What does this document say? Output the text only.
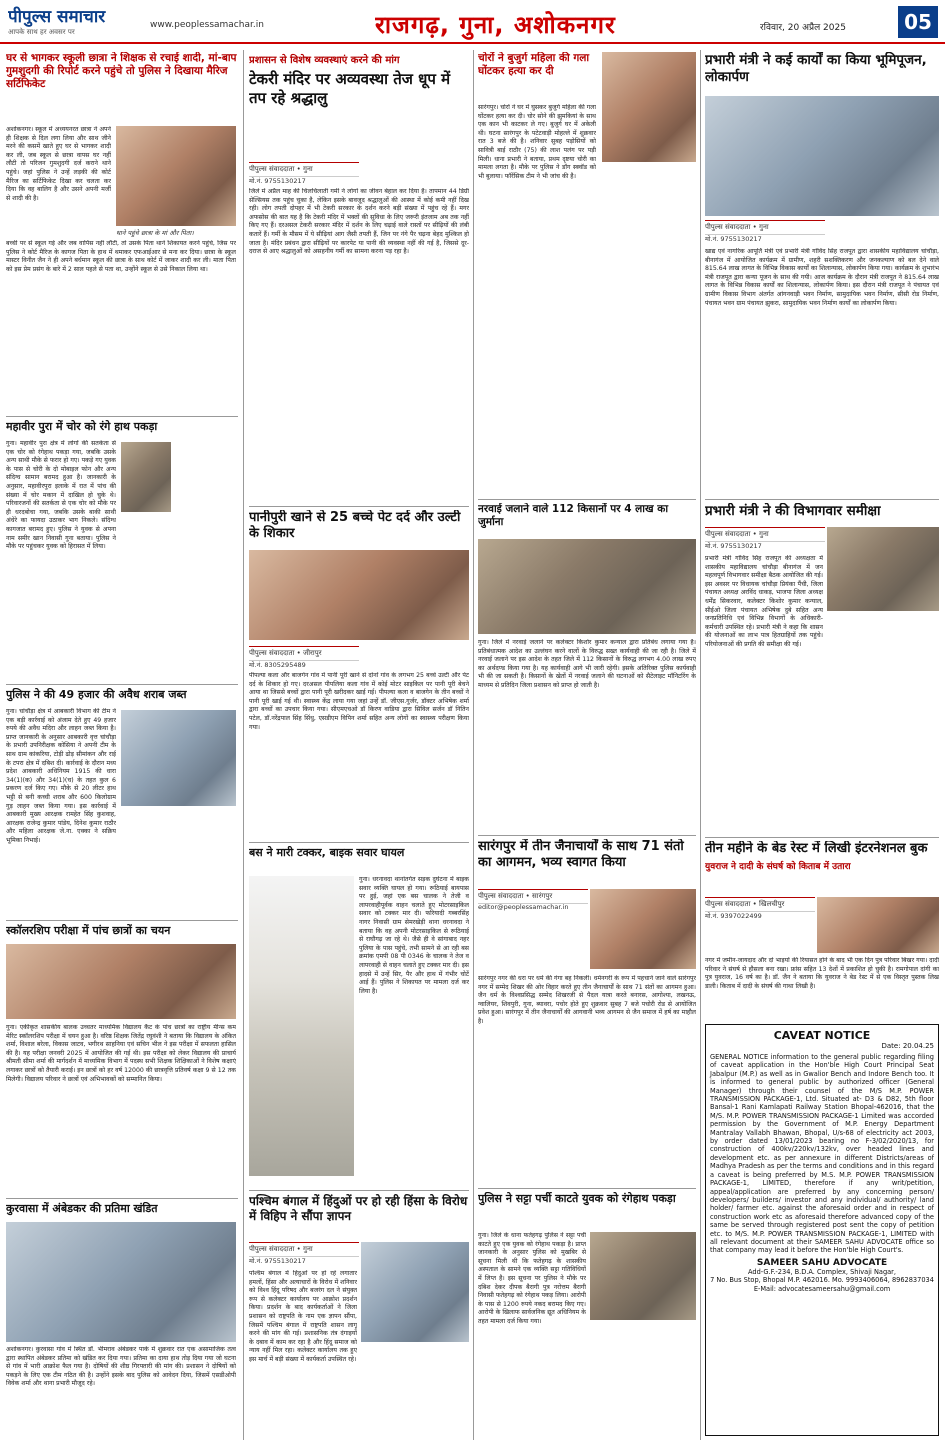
पीपुल्स समाचार
आपके साथ हर अवसर पर
www.peoplessamachar.in	राजगढ़, गुना, अशोकनगर	रविवार, 20 अप्रैल 2025	05
घर से भागकर स्कूली छात्रा ने शिक्षक से रचाई शादी, मां-बाप गुमशुदगी की रिपोर्ट करने पहुंचे तो पुलिस ने दिखाया मैरिज सर्टिफिकेट
अशोकनगर। स्कूल में अध्ययनरत छात्रा ने अपने ही शिक्षक से दिल लगा लिया और साथ जीने मरने की कसमें खाते हुए घर से भागकर शादी कर ली, जब स्कूल से छात्रा वापस घर नहीं लौटी तो परिजन गुमशुदगी दर्ज कराने थाने पहुंचे। जहां पुलिस ने उन्हें लड़की की कोर्ट मैरिज का सर्टिफिकेट दिखा कर चलता कर दिया कि वह बालिग है और उसने अपनी मर्जी से शादी की है।
थाने पहुंचे छात्रा के मां और पिता।
बच्ची पर से स्कूल गई और जब वापिस नहीं लौटी, तो उसके पिता थाने शिकायत करने पहुंचे, जिस पर पुलिस ने कोर्ट मैरिज के कागज पिता के हाथ में थमाकर एफआईआर से मना कर दिया। छात्रा के स्कूल मास्टर विनीत जैन ने ही अपने बर्धमान स्कूल की छात्रा के साथ कोर्ट में जाकर शादी कर ली। माता पिता को इस प्रेम प्रसंग के बारे में 2 साल पहले से पता था, उन्होंने स्कूल से उसे निकाल लिया था।
महावीर पुरा में चोर को रंगे हाथ पकड़ा
गुना। महावीर पुरा क्षेत्र में लोगों की सतर्कता से एक चोर को रंगेहाथ पकड़ा गया, जबकि उसके अन्य साथी मौके से फरार हो गए। पकड़े गए युवक के पास से चोरी के दो मोबाइल फोन और अन्य संदिग्ध सामान बरामद हुआ है। जानकारी के अनुसार, महावीरपुरा इलाके में रात में पांच की संख्या में चोर मकान में दाखिल हो चुके थे। परिवारजनों की सतर्कता से एक चोर को मौके पर ही धरदबोचा गया, जबकि उसके बाकी साथी अंधेरे का फायदा उठाकर भाग निकले। संदिग्ध कागजात बरामद हुए। पुलिस ने युवक से अपना नाम समीर खान निवासी गुना बताया। पुलिस ने मौके पर पहुंचकर युवक को हिरासत में लिया।
पुलिस ने की 49 हजार की अवैध शराब जब्त
गुना। चांचौड़ा क्षेत्र में आबकारी विभाग की टीम ने एक बड़ी कार्रवाई को अंजाम देते हुए 49 हजार रुपये की अवैध मदिरा और लाहन जब्त किया है। प्राप्त जानकारी के अनुसार आबकारी वृत्त चांचौड़ा के प्रभारी उपनिरीक्षक कोसिया ने अपनी टीम के साथ ग्राम कांकरिया, टोड़ी ढोड़ सीमांकन और राई के टपरा क्षेत्र में दबिश दी। कार्रवाई के दौरान मध्य प्रदेश आबकारी अधिनियम 1915 की धारा 34(1)(क) और 34(1)(च) के तहत कुल 6 प्रकरण दर्ज किए गए। मौके से 20 लीटर हाथ भट्टी से बनी कच्ची शराब और 600 किलोग्राम गुड़ लाहन जब्त किया गया। इस कार्रवाई में आबकारी मुख्य आरक्षक रामहेत सिंह कुशवाह, आरक्षक राजेन्द्र कुमार पांडेय, दिनेश कुमार राठौर और महिला आरक्षक जे.ना. एक्का ने सक्रिय भूमिका निभाई।
स्कॉलरशिप परीक्षा में पांच छात्रों का चयन
गुना। एकीकृत शासकीय बालक उच्चतर माध्यमिक विद्यालय कैंट के पांच छात्रों का राष्ट्रीय मीन्स कम मेरिट स्कॉलरशिप परीक्षा में चयन हुआ है। वरिष्ठ शिक्षक जितेंद्र रघुवंशी ने बताया कि विद्यालय के अंकित शर्मा, विशाल बरेला, विकास जाटव, भगीरथ साहनिया एवं सचिन भील ने इस परीक्षा में सफलता हासिल की है। यह परीक्षा जनवरी 2025 में आयोजित की गई थी। इस परीक्षा को लेकर विद्यालय की प्राचार्य श्रीमती सीमा शर्मा की मार्गदर्शन में माध्यमिक विभाग में पदस्थ सभी शिक्षक शिक्षिकाओं ने विशेष कक्षाएं लगाकर छात्रों को तैयारी कराई। इन छात्रों को हर वर्ष 12000 की छात्रवृत्ति प्रतिवर्ष कक्षा 9 से 12 तक मिलेगी। विद्यालय परिवार ने छात्रों एवं अभिभावकों को सम्मानित किया।
कुरवासा में अंबेडकर की प्रतिमा खंडित
अशोकनगर। कुरवासा गांव में स्थित डॉ. भीमराव अंबेडकर पार्क में शुक्रवार रात एक असामाजिक तत्व द्वारा स्थापित अंबेडकर प्रतिमा को खंडित कर दिया गया। प्रतिमा का दाया हाथ तोड़ दिया गया जो घटना से गांव में भारी आक्रोश फैल गया है। दोषियों की शीघ्र गिरफ्तारी की मांग की। प्रशासन ने दोषियों को पकड़ने के लिए एक टीम गठित की है। उन्होंने इसके बाद पुलिस को आवेदन दिया, जिसमें एसडीओपी विवेक शर्मा और थाना प्रभारी मौजूद रहे।
प्रशासन से विशेष व्यवस्थाएं करने की मांग
टेकरी मंदिर पर अव्यवस्था तेज धूप में तप रहे श्रद्धालु
पीपुल्स संवाददाता • गुना
मो.नं. 9755130217
जिले में अप्रैल माह की चिलचिलाती गर्मी ने लोगों का जीवन बेहाल कर दिया है। तापमान 44 डिग्री सेल्सियस तक पहुंच चुका है, लेकिन इसके बावजूद श्रद्धालुओं की आस्था में कोई कमी नहीं दिख रही। लोग तपती दोपहर में भी टेकरी सरकार के दर्शन करने बड़ी संख्या में पहुंच रहे हैं। मगर अफसोस की बात यह है कि टेकरी मंदिर में भक्तों की सुविधा के लिए जरूरी इंतजाम अब तक नहीं किए गए हैं। दरअसल टेकरी सरकार मंदिर में दर्शन के लिए चढ़ाई वाले रास्तों पर सीढ़ियों की लंबी कतारें हैं। गर्मी के मौसम में ये सीढ़ियां आग जैसी तपती हैं, जिन पर नंगे पैर चढ़ना बेहद मुश्किल हो जाता है। मंदिर प्रबंधन द्वारा सीढ़ियों पर कारपेट या पानी की व्यवस्था नहीं की गई है, जिससे दूर-दराज से आए श्रद्धालुओं को असहनीय गर्मी का सामना करना पड़ रहा है।
पानीपुरी खाने से 25 बच्चे पेट दर्द और उल्टी के शिकार
पीपुल्स संवाददाता • जीरापुर
मो.नं. 8305295489
पीपल्या कला और बाजगेन गांव में पानी पूरी खाने से दोनों गांव के लगभग 25 बच्चे उल्टी और पेट दर्द के शिकार हो गए। दरअसल पीपलिया कला गांव में कोई मोटर साइकिल पर पानी पूरी बेचने आया था जिससे बच्चों द्वारा पानी पूरी खरीदकर खाई गई। पीपल्या कला व बाजगेन के तीन बच्चों ने पानी पूरी खाई गई थी। स्वास्थ्य केंद्र लाया गया जहां उन्हें डॉ. जीएस.गुर्जर, डॉक्टर अभिषेक शर्मा द्वारा बच्चों का उपचार किया गया। सीएमएचओ डॉ किरण वाडिया द्वारा सिविल सर्जन डॉ नितिन पटेल, डॉ.नरेंद्रपाल सिंह सिंधु, एसडीएम विपिन शर्मा सहित अन्य लोगों का स्वास्थ्य परीक्षण किया गया।
बस ने मारी टक्कर, बाइक सवार घायल
गुना। धरनावदा थानांतर्गत सड़क दुर्घटना में बाइक सवार व्यक्ति घायल हो गया। रूठियाई बायपास पर हुई, जहां एक बस चालक ने तेजी व लापरवाहीपूर्वक वाहन चलाते हुए मोटरसाइकिल सवार को टक्कर मार दी। फरियादी गब्बरसिंह नागर निवासी ग्राम सेमरखेड़ी थाना धरनावदा ने बताया कि वह अपनी मोटरसाइकिल से रूठियाई से राघौगढ़ जा रहे थे। जैसे ही वे सांगाबाद नहर पुलिया के पास पहुंचे, तभी सामने से आ रही बस क्रमांक एमपी 08 पी 0346 के चालक ने तेज व लापरवाही से वाहन चलाते हुए टक्कर मार दी। इस हादसे में उन्हें सिर, पैर और हाथ में गंभीर चोटें आई हैं। पुलिस ने शिकायत पर मामला दर्ज कर लिया है।
पश्चिम बंगाल में हिंदुओं पर हो रही हिंसा के विरोध में विहिप ने सौंपा ज्ञापन
पीपुल्स संवाददाता • गुना
मो.नं. 9755130217
पश्चिम बंगाल में हिंदुओं पर हो रहे लगातार हमलों, हिंसा और अत्याचारों के विरोध में शनिवार को विश्व हिंदू परिषद और बजरंग दल ने संयुक्त रूप से कलेक्टर कार्यालय पर आक्रोश प्रदर्शन किया। प्रदर्शन के बाद कार्यकर्ताओं ने जिला प्रशासन को राष्ट्रपति के नाम एक ज्ञापन सौंपा, जिसमें पश्चिम बंगाल में राष्ट्रपति शासन लागू करने की मांग की गई। प्रशासनिक तंत्र दंगाइयों के दबाव में काम कर रहा है और हिंदू समाज को न्याय नहीं मिल रहा। कलेक्टर कार्यालय तक हुए इस मार्च में बड़ी संख्या में कार्यकर्ता उपस्थित रहे।
चोरों ने बुजुर्ग महिला की गला घोंटकर हत्या कर दी
सारंगपुर। चोरों ने घर में घुसकर बुजुर्ग महिला की गला घोंटकर हत्या कर दी। चोर सोने की झुमकियां के साथ एक कान भी काटकर ले गए। बुजुर्ग घर में अकेली थी। घटना सारंगपुर के पटेटवाड़ी मोहल्ले में शुक्रवार रात 3 बजे की है। शनिवार सुबह पड़ोसियों को सावित्री बाई राठौर (75) की लाश पलंग पर पड़ी मिली। धाना प्रभारी ने बताया, प्रथम दृष्टया चोरी का मामला लगता है। मौके पर पुलिस ने डॉग स्क्वॉड को भी बुलाया। फॉरेंसिक टीम ने भी जांच की है।
नरवाई जलाने वाले 112 किसानों पर 4 लाख का जुर्माना
गुना। जिले में नरवाई जलाने पर कलेक्टर किशोर कुमार कन्याल द्वारा प्रतिबंध लगाया गया है। प्रतिबंधात्मक आदेश का उल्लंघन करने वालों के विरुद्ध सख्त कार्यवाही की जा रही है। जिले में नरवाई जलाने पर इस आदेश के तहत जिले में 112 किसानों के विरुद्ध लगभग 4.00 लाख रुपए का अर्थदण्ड किया गया है। यह कार्यवाही आगे भी जारी रहेगी। इसके अतिरिक्त पुलिस कार्यवाही भी की जा सकती है। किसानों के खेतों में नरवाई जलाने की घटनाओं को सैटेलाइट मॉनिटरिंग के माध्यम से प्रतिदिन जिला प्रशासन को प्राप्त हो जाती है।
सारंगपुर में तीन जैनाचार्यों के साथ 71 संतो का आगमन, भव्य स्वागत किया
पीपुल्स संवाददाता • सारंगपुर
editor@peoplessamachar.in
सारंगपुर नगर की धरा पर धर्म की गंगा बह निकली। धर्मनगरी के रूप में पहचाने जाने वाले सारंगपुर नगर में सम्मेद शिखर की ओर विहार करते हुए तीन जैनाचार्यों के साथ 71 संतों का आगमन हुआ। जैन धर्म के विश्वप्रसिद्ध सम्मेद शिखरजी से पैदल यात्रा करते बनारस, आगोश्या, लखनऊ, ग्वालियर, शिवपुरी, गुना, ब्यावरा, पचोर होते हुए शुक्रवार सुबह 7 बजे पचोरी रोड से आयोजित प्रवेश हुआ। सारंगपुर में तीन जैनाचार्यों की आगवानी भव्य आगमन से जैन समाज में हर्ष का माहौल है।
पुलिस ने सट्टा पर्ची काटते युवक को रंगेहाथ पकड़ा
गुना। जिले के धाना फतेहगढ़ पुलिस ने सट्टा पर्ची काटते हुए एक युवक को रंगेहाथ पकड़ा है। प्राप्त जानकारी के अनुसार पुलिस को मुखबिर से सूचना मिली थी कि फतेहगढ़ के शासकीय अस्पताल के सामने एक व्यक्ति सट्टा गतिविधियों में लिप्त है। इस सूचना पर पुलिस ने मौके पर दबिश देकर दीपक बैरागी पुत्र नरोत्तम बैरागी निवासी फतेहगढ़ को रंगेहाथ पकड़ लिया। आरोपी के पास से 1200 रुपये नकद बरामद किए गए। आरोपी के खिलाफ सार्वजनिक द्यूत अधिनियम के तहत मामला दर्ज किया गया।
प्रभारी मंत्री ने कई कार्यों का किया भूमिपूजन, लोकार्पण
पीपुल्स संवाददाता • गुना
मो.नं. 9755130217
खाद्य एवं नागरिक आपूर्ति मंत्री एवं प्रभारी मंत्री गोविंद सिंह राजपूत द्वारा शासकीय महाविद्यालय चांचौड़ा, बीनागंज में आयोजित कार्यक्रम में ग्रामीण, शहरी सशक्तिकरण और जनकल्याण को बल देने वाले 815.64 लाख लागत के विभिन्न विकास कार्यों का शिलान्यास, लोकार्पण किया गया। कार्यक्रम के शुभारंभ मंत्री राजपूत द्वारा कन्या पूजन के साथ की गयी। आज कार्यक्रम के दौरान मंत्री राजपूत ने 815.64 लाख लागत के विभिन्न विकास कार्यों का शिलान्यास, लोकार्पण किया। इस दौरान मंत्री राजपूत ने पंचायत एवं ग्रामीण विकास विभाग अंतर्गत आंगनवाड़ी भवन निर्माण, सामुदायिक भवन निर्माण, सीसी रोड निर्माण, पंचायत भवन ग्राम पंचायत झुकरा, सामुदायिक भवन निर्माण कार्यों का लोकार्पण किया।
प्रभारी मंत्री ने की विभागवार समीक्षा
पीपुल्स संवाददाता • गुना
मो.नं. 9755130217
प्रभारी मंत्री गोविंद सिंह राजपूत की अध्यक्षता में शासकीय महाविद्यालय चांचौड़ा बीनागंज में जन महत्वपूर्ण विभागवार समीक्षा बैठक आयोजित की गई। इस अवसर पर विधायक चांचौड़ा प्रियंका पैंची, जिला पंचायत अध्यक्ष अरविंद धाकड़, भाजपा जिला अध्यक्ष धर्मेंद्र सिकरवार, कलेक्टर किशोर कुमार कन्याल, सीईओ जिला पंचायत अभिषेक दुबे सहित अन्य जनप्रतिनिधि एवं विभिन्न विभागों के अधिकारी-कर्मचारी उपस्थित रहे। प्रभारी मंत्री ने कहा कि शासन की योजनाओं का लाभ पात्र हितग्राहियों तक पहुंचे। परियोजनाओं की प्रगति की समीक्षा की गई।
तीन महीने के बेड रेस्ट में लिखी इंटरनेशनल बुक
युवराज ने दादी के संघर्ष को किताब में उतारा
पीपुल्स संवाददाता • खिलचीपुर
मो.नं. 9397022499
नगर में जमीन-जायदाद और दो भाइयों की रियासत होने के बाद भी एक दिन पुत्र परिवार बिखर गया। दादी परिवार ने संघर्ष से हौसला बना रखा। फ्रांस सहित 13 देशों में प्रकाशित हो चुकी है। रामगोपाल दांगी का पुत्र युवराज, 16 वर्ष का है। डॉ. जैन ने बताया कि युवराज ने बेड रेस्ट में से एक विस्तृत पुस्तक लिख डाली। किताब में दादी के संघर्ष की गाथा लिखी है।
CAVEAT NOTICE
Date: 20.04.25
GENERAL NOTICE information to the general public regarding filing of caveat application in the Hon'ble High Court Principal Seat Jabalpur (M.P.) as well as in Gwalior Bench and Indore Bench too. It is informed to general public by authorized officer (General Manager) through their counsel of the M/S M.P. POWER TRANSMISSION PACKAGE-1, Ltd. Situated at- D3 & D82, 5th floor Bansal-1 Rani Kamlapati Railway Station Bhopal-462016, that the M/S. M.P. POWER TRANSMISSION PACKAGE-1 Limited was accorded permission by the Government of M.P. Energy Department Mantralay Vallabh Bhawan, Bhopal, U/s-68 of electricity act 2003, by order dated 13/01/2023 bearing no F-3/02/2020/13, for construction of 400kv/220kv/132kv, over headed lines and development etc. as per annexure in different Districts/areas of Madhya Pradesh as per the terms and conditions and in this regard a caveat is being preferred by M.S. M.P. POWER TRANSMISSION PACKAGE-1, LIMITED, therefore if any writ/petition, appeal/application are preferred by any concerning person/ developers/ builders/ investor and any individual/ authority/ land holder/ farmer etc. against the aforesaid order and in respect of construction work etc as aforesaid therefore advanced copy of the same be served through registered post sent the copy of petition etc. to M/S. M.P. POWER TRANSMISSION PACKAGE-1, LIMITED with all relevant document at their SAMEER SAHU ADVOCATE office so that company may lead it before the Hon'ble High Court's.
SAMEER SAHU ADVOCATE
Add-G.F.-234, B.D.A. Complex, Shivaji Nagar,
7 No. Bus Stop, Bhopal M.P. 462016. Mo. 9993406064, 8962837034
E-Mail: advocatesameersahu@gmail.com
